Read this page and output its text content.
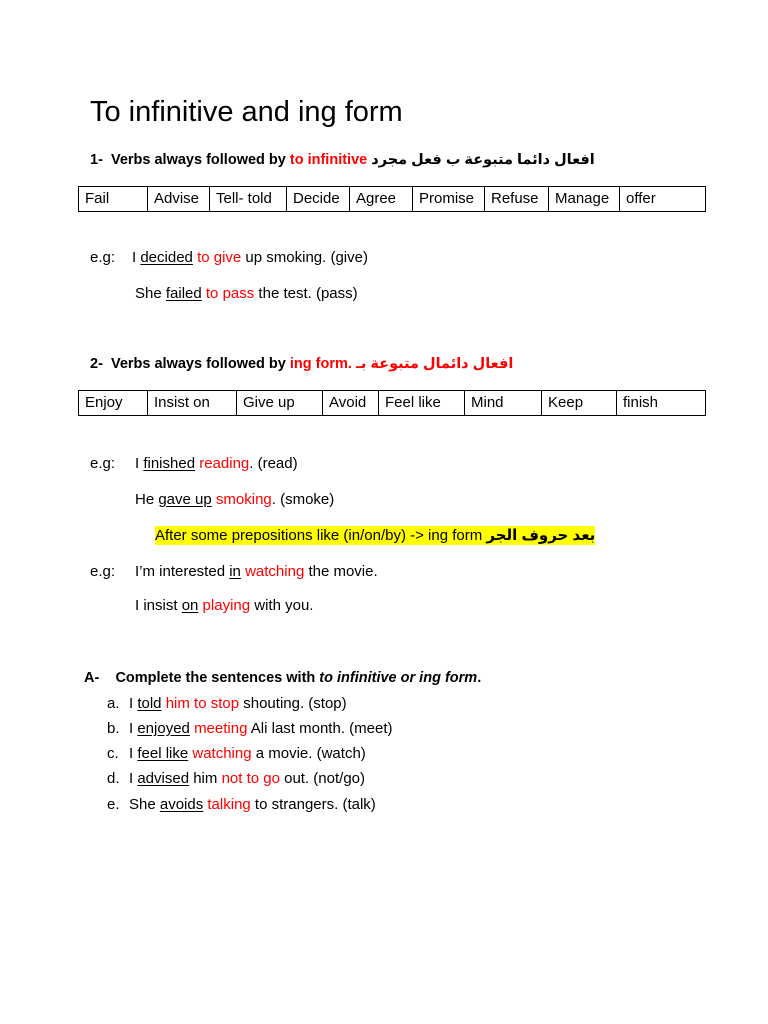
To infinitive and ing form
1- Verbs always followed by to infinitive افعال دائما متبوعة ب فعل مجرد
Fail	Advise	Tell- told	Decide	Agree	Promise	Refuse	Manage	offer
e.g: I decided to give up smoking. (give)
She failed to pass the test. (pass)
2- Verbs always followed by ing form. افعال دائمال متبوعة بـ
Enjoy	Insist on	Give up	Avoid	Feel like	Mind	Keep	finish
e.g: I finished reading. (read)
He gave up smoking. (smoke)
After some prepositions like (in/on/by) -> ing form بعد حروف الجر
e.g: I’m interested in watching the movie.
I insist on playing with you.
A- Complete the sentences with to infinitive or ing form.
a. I told him to stop shouting. (stop)
b. I enjoyed meeting Ali last month. (meet)
c. I feel like watching a movie. (watch)
d. I advised him not to go out. (not/go)
e. She avoids talking to strangers. (talk)
